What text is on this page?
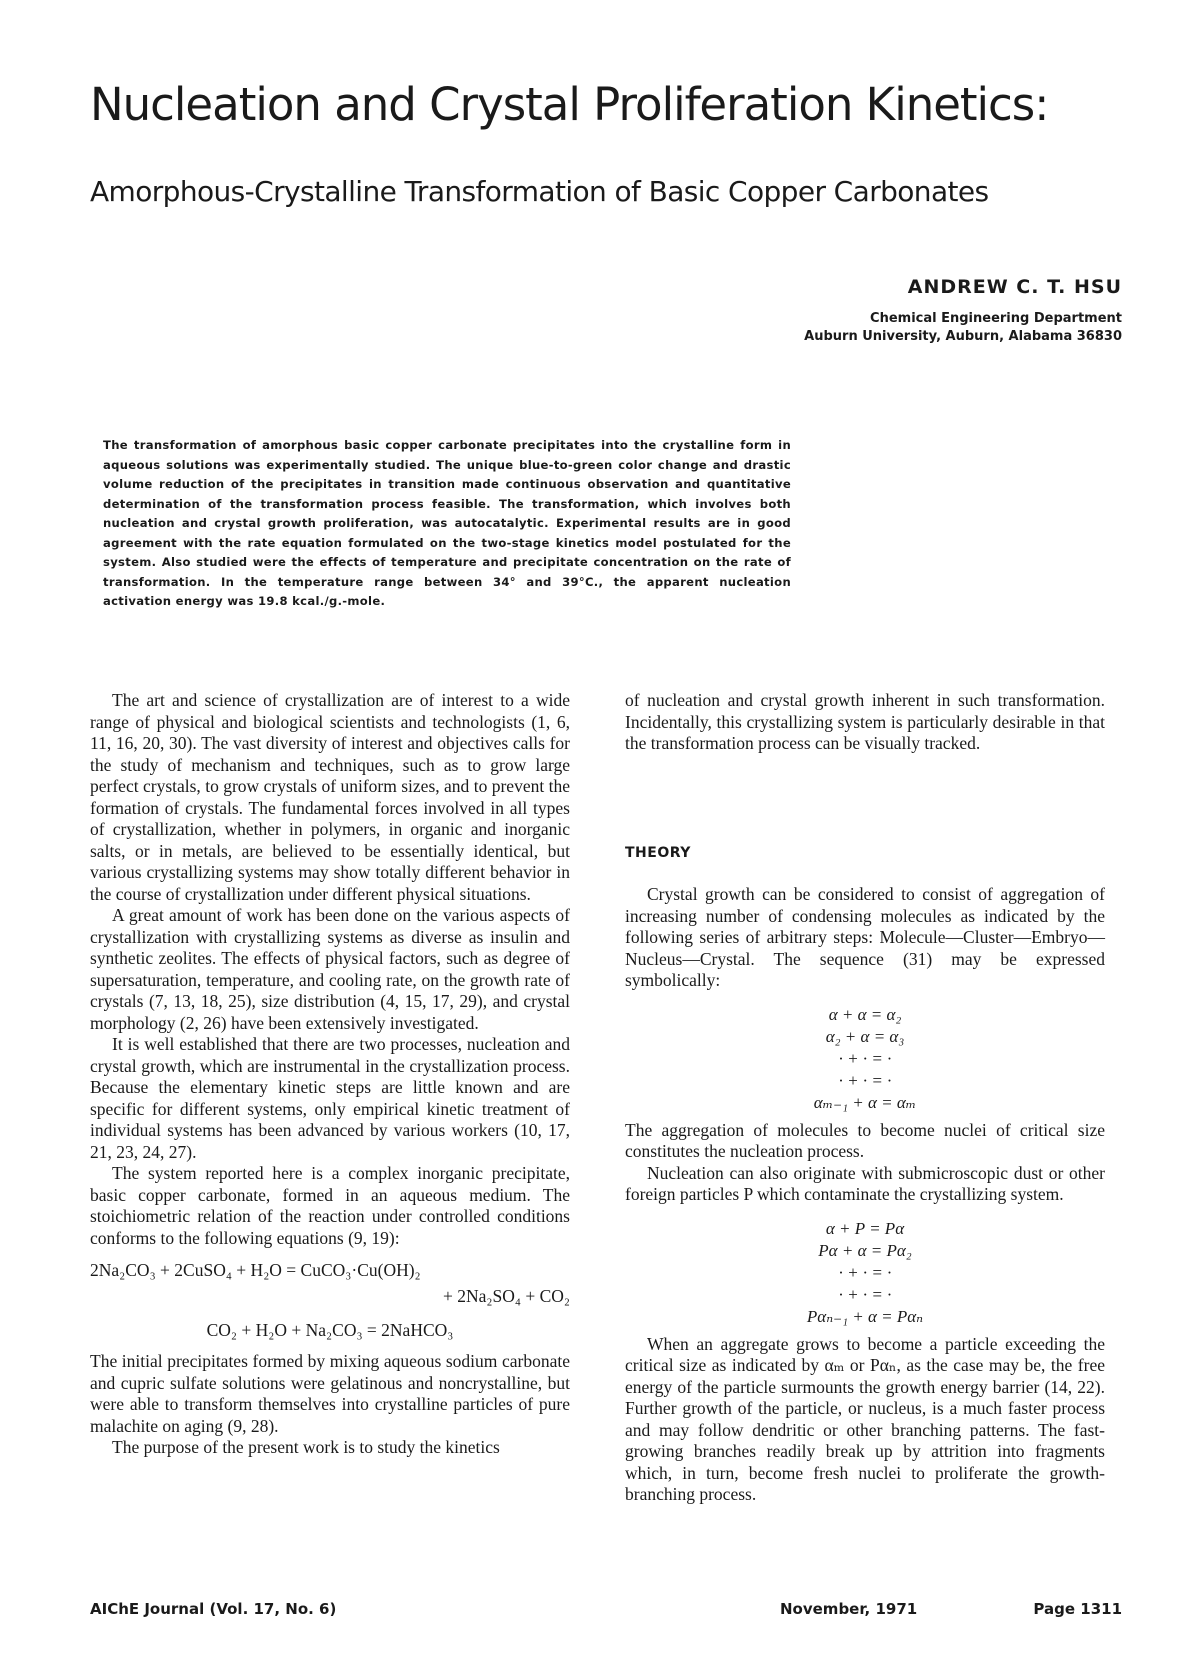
Nucleation and Crystal Proliferation Kinetics:
Amorphous-Crystalline Transformation of Basic Copper Carbonates
ANDREW C. T. HSU
Chemical Engineering Department
Auburn University, Auburn, Alabama 36830
The transformation of amorphous basic copper carbonate precipitates into the crystalline form in aqueous solutions was experimentally studied. The unique blue-to-green color change and drastic volume reduction of the precipitates in transition made continuous observation and quantitative determination of the transformation process feasible. The transformation, which involves both nucleation and crystal growth proliferation, was autocatalytic. Experimental results are in good agreement with the rate equation formulated on the two-stage kinetics model postulated for the system. Also studied were the effects of temperature and precipitate concentration on the rate of transformation. In the temperature range between 34° and 39°C., the apparent nucleation activation energy was 19.8 kcal./g.-mole.

The art and science of crystallization are of interest to a wide range of physical and biological scientists and technologists (1, 6, 11, 16, 20, 30). The vast diversity of interest and objectives calls for the study of mechanism and techniques, such as to grow large perfect crystals, to grow crystals of uniform sizes, and to prevent the formation of crystals. The fundamental forces involved in all types of crystallization, whether in polymers, in organic and inorganic salts, or in metals, are believed to be essentially identical, but various crystallizing systems may show totally different behavior in the course of crystallization under different physical situations.

A great amount of work has been done on the various aspects of crystallization with crystallizing systems as diverse as insulin and synthetic zeolites. The effects of physical factors, such as degree of supersaturation, temperature, and cooling rate, on the growth rate of crystals (7, 13, 18, 25), size distribution (4, 15, 17, 29), and crystal morphology (2, 26) have been extensively investigated.

It is well established that there are two processes, nucleation and crystal growth, which are instrumental in the crystallization process. Because the elementary kinetic steps are little known and are specific for different systems, only empirical kinetic treatment of individual systems has been advanced by various workers (10, 17, 21, 23, 24, 27).

The system reported here is a complex inorganic precipitate, basic copper carbonate, formed in an aqueous medium. The stoichiometric relation of the reaction under controlled conditions conforms to the following equations (9, 19):

2Na₂CO₃ + 2CuSO₄ + H₂O = CuCO₃·Cu(OH)₂
+ 2Na₂SO₄ + CO₂
CO₂ + H₂O + Na₂CO₃ = 2NaHCO₃

The initial precipitates formed by mixing aqueous sodium carbonate and cupric sulfate solutions were gelatinous and noncrystalline, but were able to transform themselves into crystalline particles of pure malachite on aging (9, 28).

The purpose of the present work is to study the kinetics

of nucleation and crystal growth inherent in such transformation. Incidentally, this crystallizing system is particularly desirable in that the transformation process can be visually tracked.

THEORY

Crystal growth can be considered to consist of aggregation of increasing number of condensing molecules as indicated by the following series of arbitrary steps: Molecule—Cluster—Embryo—Nucleus—Crystal. The sequence (31) may be expressed symbolically:

α + α = α₂
α₂ + α = α₃
· + · = ·
· + · = ·
αₘ₋₁ + α = αₘ

The aggregation of molecules to become nuclei of critical size constitutes the nucleation process.

Nucleation can also originate with submicroscopic dust or other foreign particles P which contaminate the crystallizing system.

α + P = Pα
Pα + α = Pα₂
· + · = ·
· + · = ·
Pαₙ₋₁ + α = Pαₙ

When an aggregate grows to become a particle exceeding the critical size as indicated by αₘ or Pαₙ, as the case may be, the free energy of the particle surmounts the growth energy barrier (14, 22). Further growth of the particle, or nucleus, is a much faster process and may follow dendritic or other branching patterns. The fast-growing branches readily break up by attrition into fragments which, in turn, become fresh nuclei to proliferate the growth-branching process.

AIChE Journal (Vol. 17, No. 6)	November, 1971	Page 1311
